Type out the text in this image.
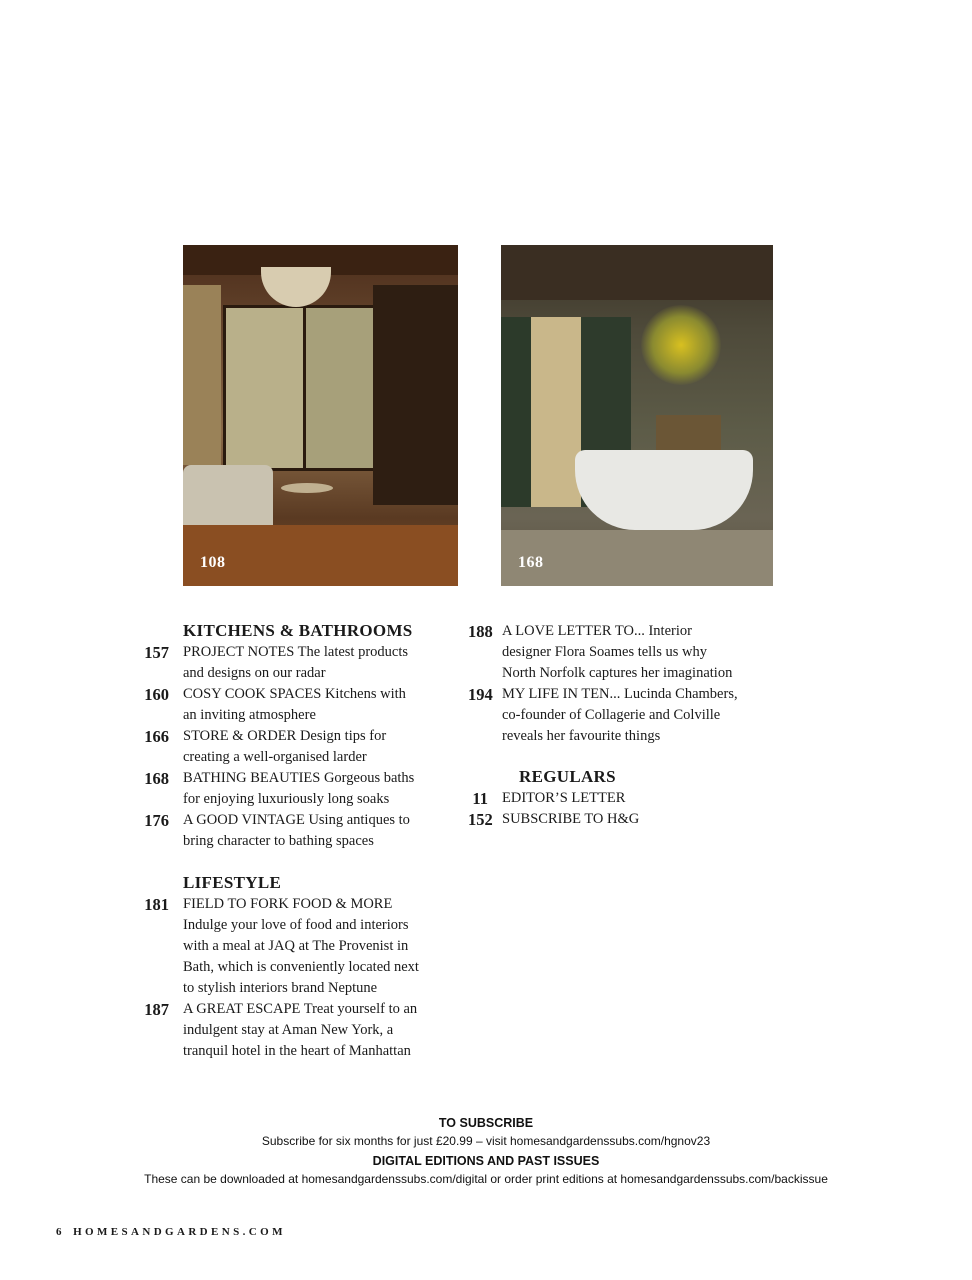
108	168
KITCHENS & BATHROOMS
157 PROJECT NOTES The latest products
and designs on our radar
160 COSY COOK SPACES Kitchens with
an inviting atmosphere
166 STORE & ORDER Design tips for
creating a well-organised larder
168 BATHING BEAUTIES Gorgeous baths
for enjoying luxuriously long soaks
176 A GOOD VINTAGE Using antiques to
bring character to bathing spaces
LIFESTYLE
181 FIELD TO FORK FOOD & MORE
Indulge your love of food and interiors
with a meal at JAQ at The Provenist in
Bath, which is conveniently located next
to stylish interiors brand Neptune
187 A GREAT ESCAPE Treat yourself to an
indulgent stay at Aman New York, a
tranquil hotel in the heart of Manhattan
188 A LOVE LETTER TO... Interior
designer Flora Soames tells us why
North Norfolk captures her imagination
194 MY LIFE IN TEN... Lucinda Chambers,
co-founder of Collagerie and Colville
reveals her favourite things
REGULARS
11 EDITOR’S LETTER
152 SUBSCRIBE TO H&G
TO SUBSCRIBE
Subscribe for six months for just £20.99 – visit homesandgardenssubs.com/hgnov23
DIGITAL EDITIONS AND PAST ISSUES
These can be downloaded at homesandgardenssubs.com/digital or order print editions at homesandgardenssubs.com/backissue
6 HOMESANDGARDENS.COM
